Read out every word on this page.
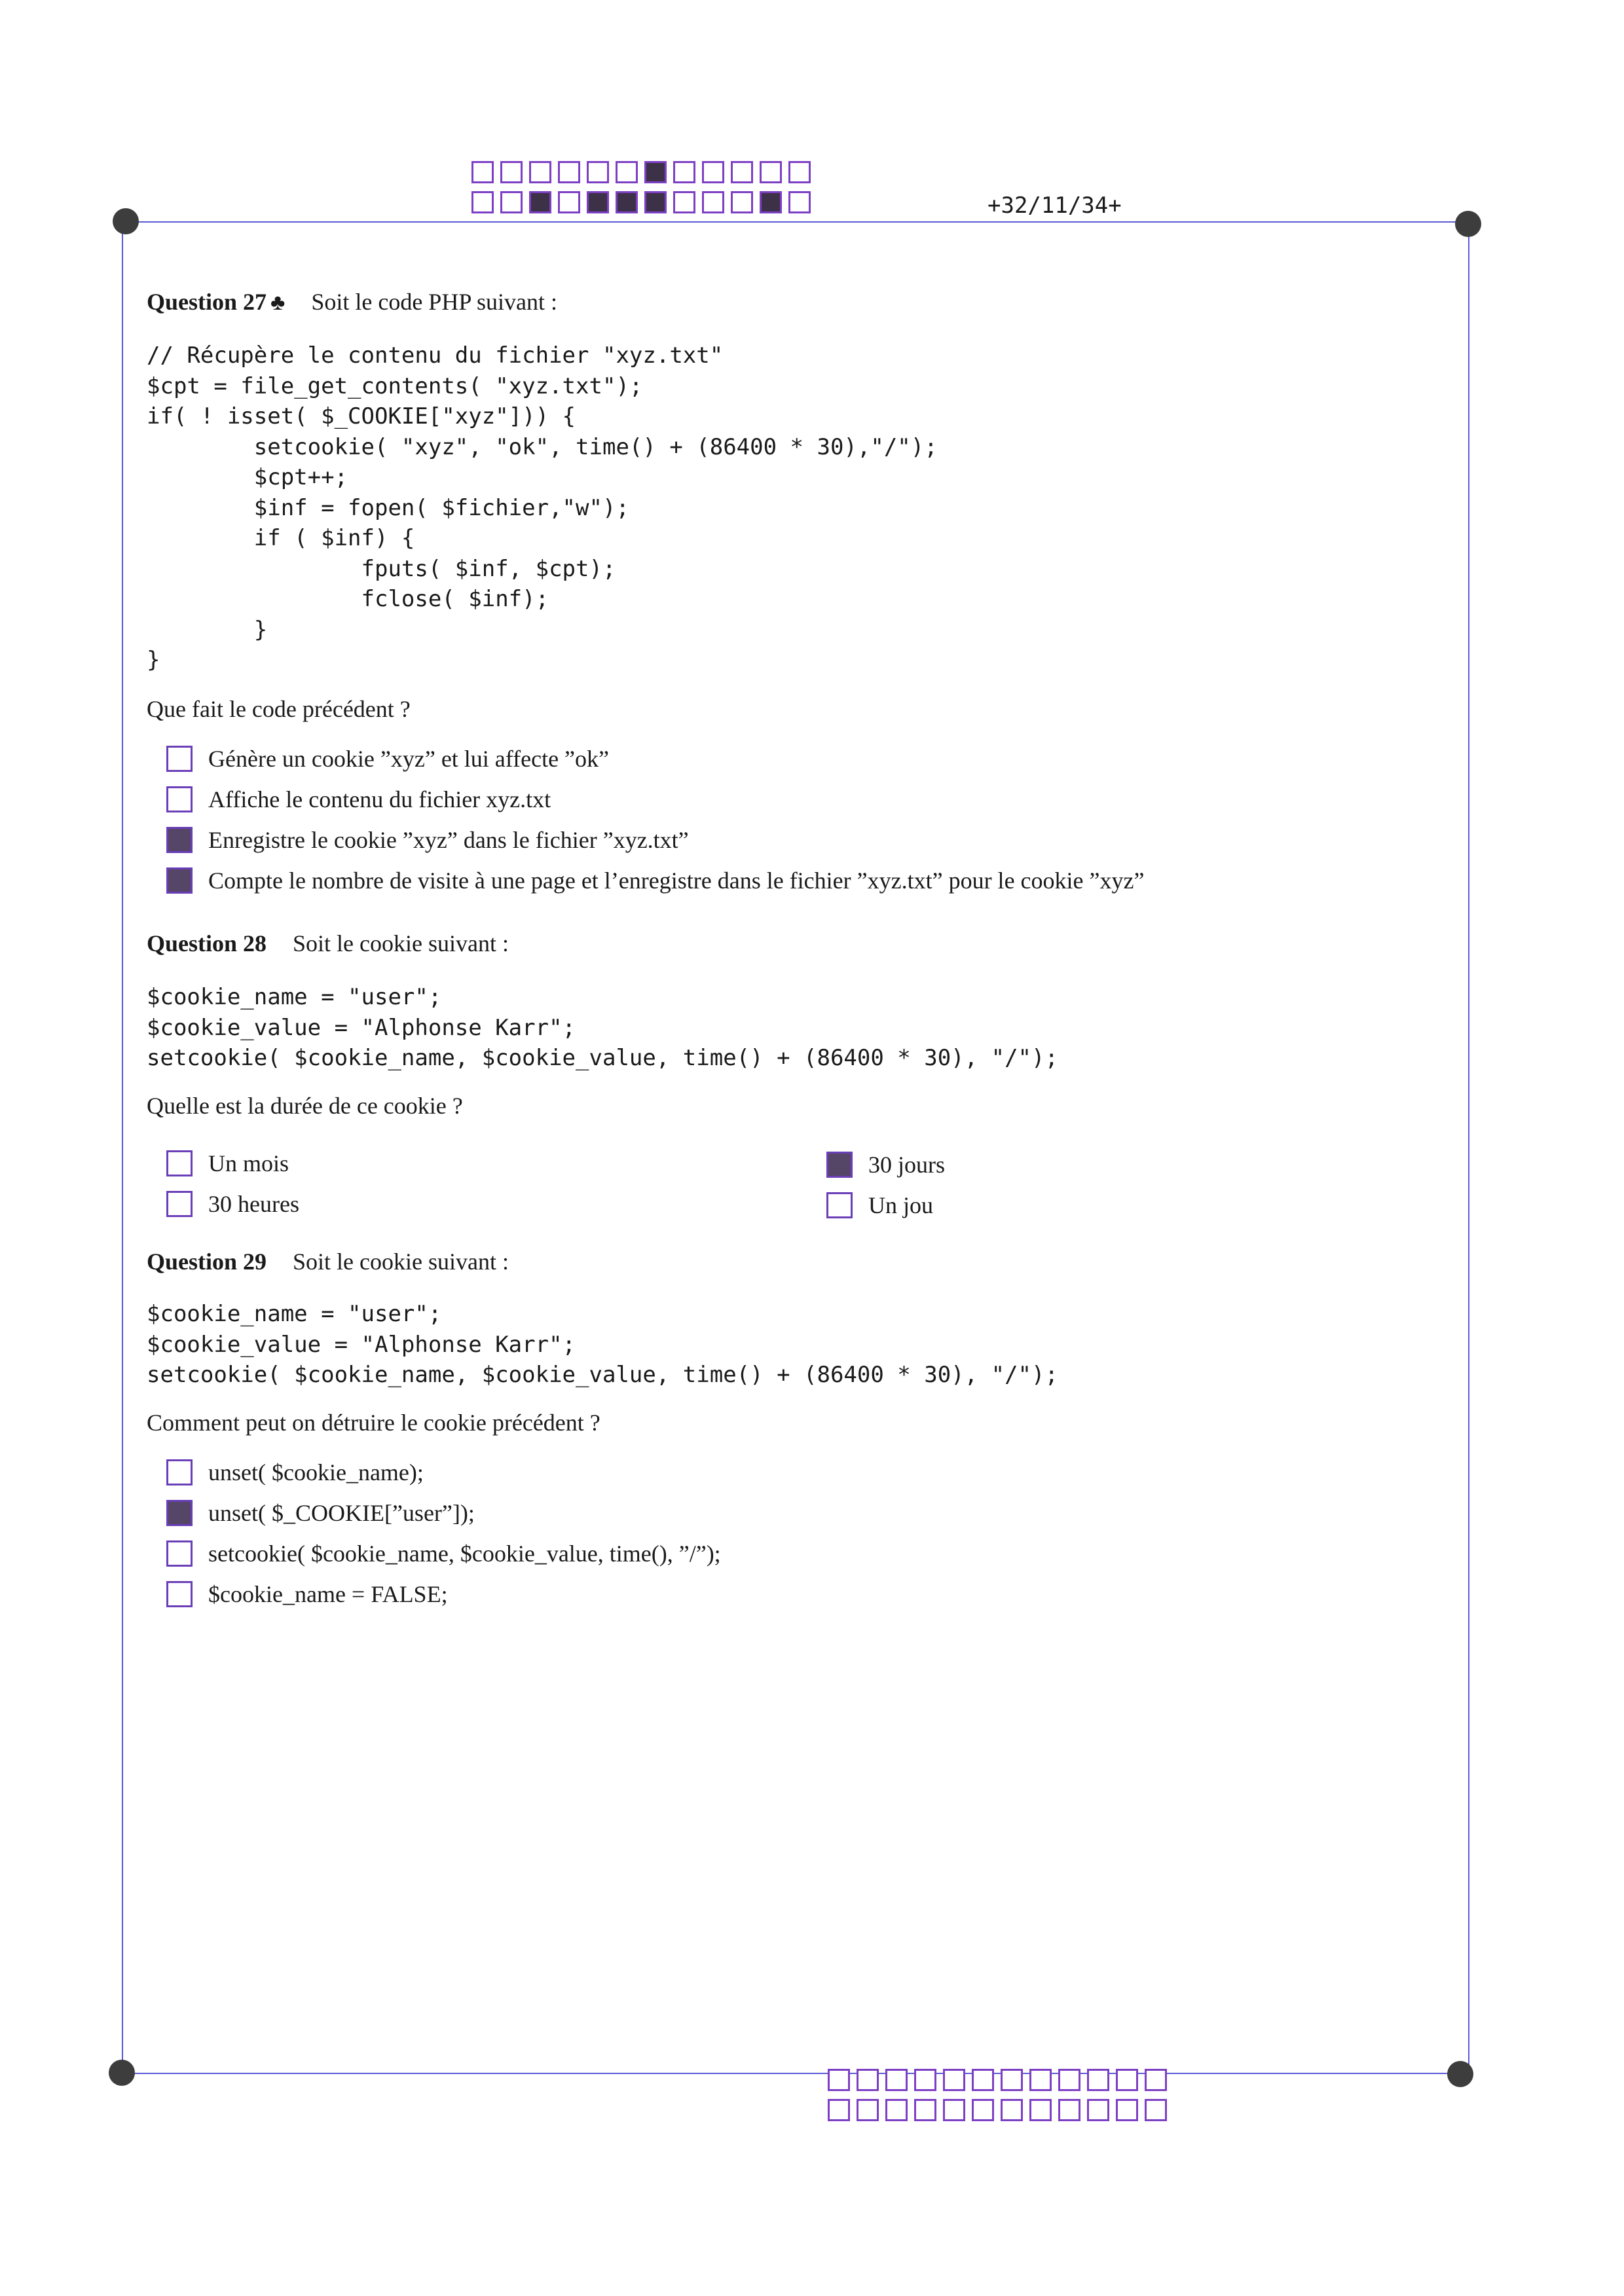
+32/11/34+
Question 27 ♣ Soit le code PHP suivant :
// Récupère le contenu du fichier "xyz.txt"
$cpt = file_get_contents( "xyz.txt");
if( ! isset( $_COOKIE["xyz"])) {
setcookie( "xyz", "ok", time() + (86400 * 30),"/");
$cpt++;
$inf = fopen( $fichier,"w");
if ( $inf) {
fputs( $inf, $cpt);
fclose( $inf);
}
}
Que fait le code précédent ?
Génère un cookie ”xyz” et lui affecte ”ok”
Affiche le contenu du fichier xyz.txt
Enregistre le cookie ”xyz” dans le fichier ”xyz.txt”
Compte le nombre de visite à une page et l’enregistre dans le fichier ”xyz.txt” pour le cookie ”xyz”
Question 28 Soit le cookie suivant :
$cookie_name = "user";
$cookie_value = "Alphonse Karr";
setcookie( $cookie_name, $cookie_value, time() + (86400 * 30), "/");
Quelle est la durée de ce cookie ?
Un mois
30 heures
30 jours
Un jou
Question 29 Soit le cookie suivant :
$cookie_name = "user";
$cookie_value = "Alphonse Karr";
setcookie( $cookie_name, $cookie_value, time() + (86400 * 30), "/");
Comment peut on détruire le cookie précédent ?
unset( $cookie_name);
unset( $_COOKIE[”user”]);
setcookie( $cookie_name, $cookie_value, time(), ”/”);
$cookie_name = FALSE;
